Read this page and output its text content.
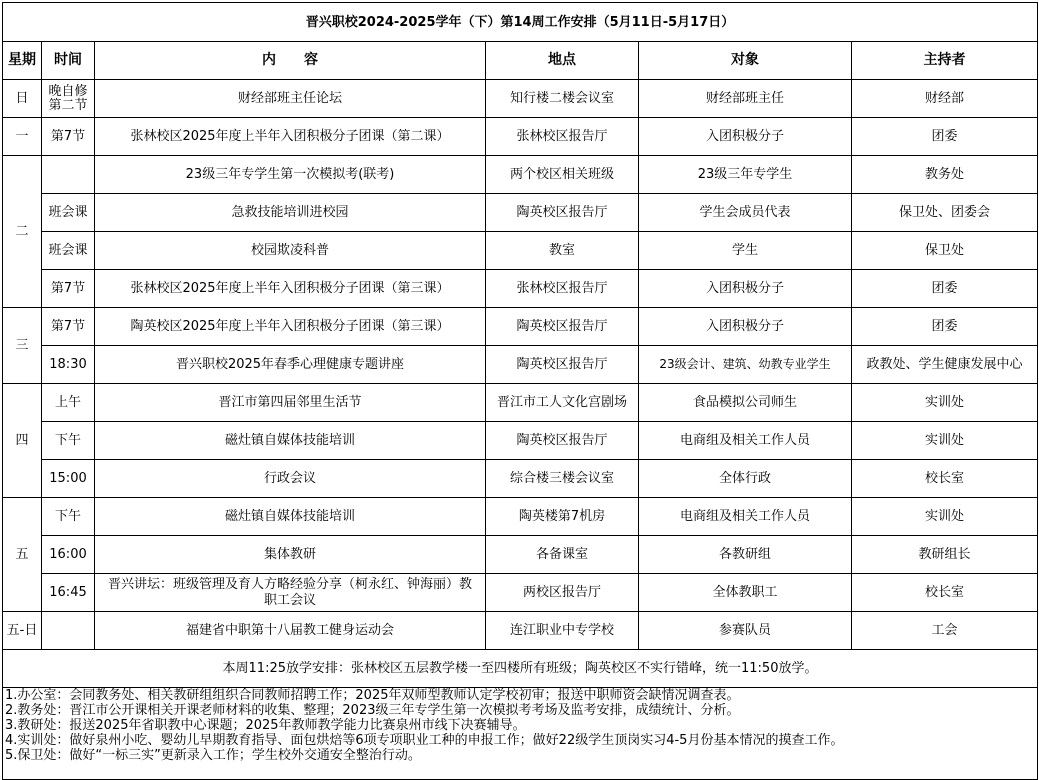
晋兴职校2024-2025学年（下）第14周工作安排（5月11日-5月17日）					
星期	时间	内　　容	地点	对象	主持者
日	晚自修第二节	财经部班主任论坛	知行楼二楼会议室	财经部班主任	财经部
一	第7节	张林校区2025年度上半年入团积极分子团课（第二课）	张林校区报告厅	入团积极分子	团委
二		23级三年专学生第一次模拟考(联考)	两个校区相关班级	23级三年专学生	教务处
	班会课	急救技能培训进校园	陶英校区报告厅	学生会成员代表	保卫处、团委会
	班会课	校园欺凌科普	教室	学生	保卫处
	第7节	张林校区2025年度上半年入团积极分子团课（第三课）	张林校区报告厅	入团积极分子	团委
三	第7节	陶英校区2025年度上半年入团积极分子团课（第三课）	陶英校区报告厅	入团积极分子	团委
	18:30	晋兴职校2025年春季心理健康专题讲座	陶英校区报告厅	23级会计、建筑、幼教专业学生	政教处、学生健康发展中心
四	上午	晋江市第四届邻里生活节	晋江市工人文化宫剧场	食品模拟公司师生	实训处
	下午	磁灶镇自媒体技能培训	陶英校区报告厅	电商组及相关工作人员	实训处
	15:00	行政会议	综合楼三楼会议室	全体行政	校长室
五	下午	磁灶镇自媒体技能培训	陶英楼第7机房	电商组及相关工作人员	实训处
	16:00	集体教研	各备课室	各教研组	教研组长
	16:45	晋兴讲坛：班级管理及育人方略经验分享（柯永红、钟海丽）教职工会议	两校区报告厅	全体教职工	校长室
五-日		福建省中职第十八届教工健身运动会	连江职业中专学校	参赛队员	工会
本周11:25放学安排：张林校区五层教学楼一至四楼所有班级；陶英校区不实行错峰，统一11:50放学。					

1.办公室：会同教务处、相关教研组组织合同教师招聘工作；2025年双师型教师认定学校初审；报送中职师资会缺情况调查表。
2.教务处：晋江市公开课相关开课老师材料的收集、整理；2023级三年专学生第一次模拟考考场及监考安排，成绩统计、分析。
3.教研处：报送2025年省职教中心课题；2025年教师教学能力比赛泉州市线下决赛辅导。
4.实训处：做好泉州小吃、婴幼儿早期教育指导、面包烘焙等6项专项职业工种的申报工作；做好22级学生顶岗实习4-5月份基本情况的摸查工作。
5.保卫处：做好“一标三实”更新录入工作；学生校外交通安全整治行动。					
